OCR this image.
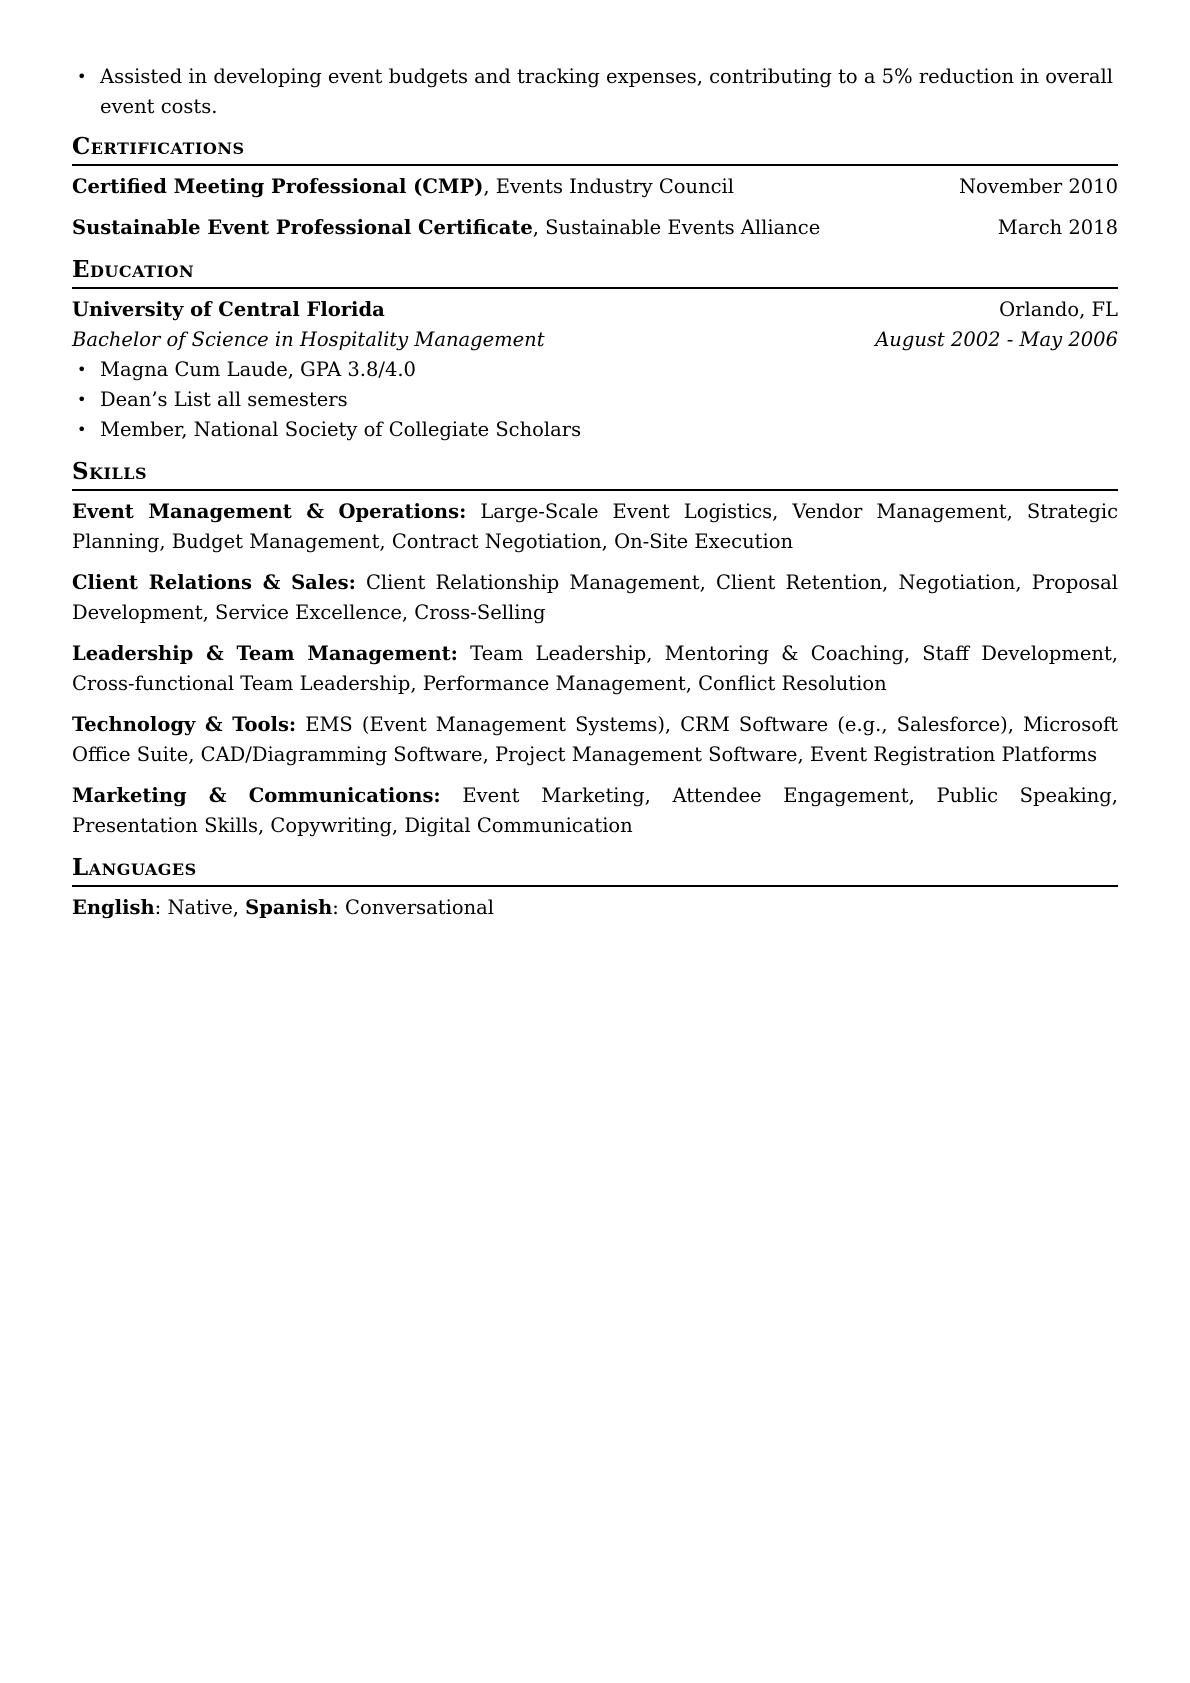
• Assisted in developing event budgets and tracking expenses, contributing to a 5% reduction in overall event costs.
Certifications
Certified Meeting Professional (CMP), Events Industry Council	November 2010
Sustainable Event Professional Certificate, Sustainable Events Alliance	March 2018
Education
University of Central Florida	Orlando, FL
Bachelor of Science in Hospitality Management	August 2002 - May 2006
• Magna Cum Laude, GPA 3.8/4.0
• Dean’s List all semesters
• Member, National Society of Collegiate Scholars
Skills
Event Management & Operations: Large-Scale Event Logistics, Vendor Management, Strategic Planning, Budget Management, Contract Negotiation, On-Site Execution
Client Relations & Sales: Client Relationship Management, Client Retention, Negotiation, Proposal Development, Service Excellence, Cross-Selling
Leadership & Team Management: Team Leadership, Mentoring & Coaching, Staff Development, Cross-functional Team Leadership, Performance Management, Conflict Resolution
Technology & Tools: EMS (Event Management Systems), CRM Software (e.g., Salesforce), Microsoft Office Suite, CAD/Diagramming Software, Project Management Software, Event Registration Platforms
Marketing & Communications: Event Marketing, Attendee Engagement, Public Speaking, Presentation Skills, Copywriting, Digital Communication
Languages
English: Native, Spanish: Conversational
